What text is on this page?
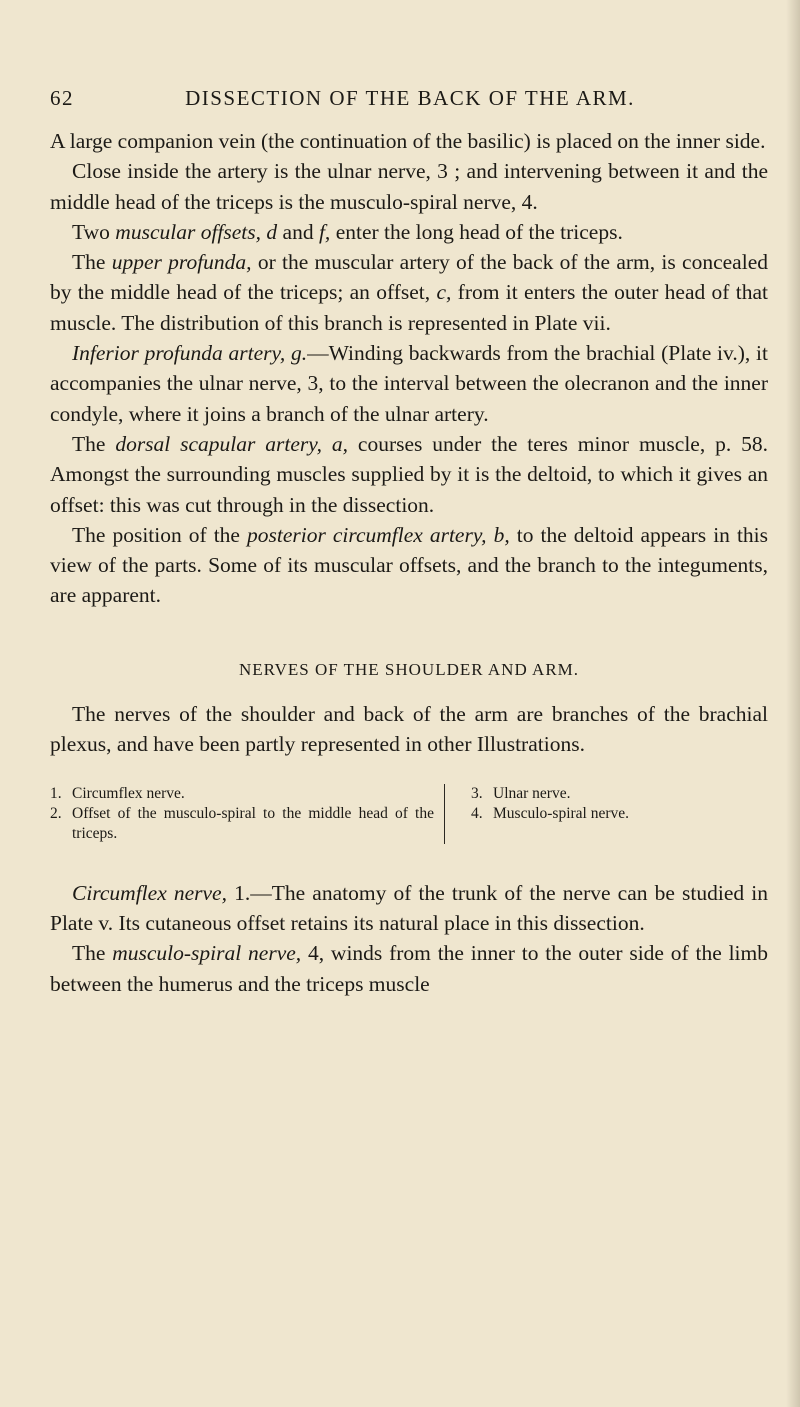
62	DISSECTION OF THE BACK OF THE ARM.

A large companion vein (the continuation of the basilic) is placed on the inner side.

Close inside the artery is the ulnar nerve, 3 ; and intervening between it and the middle head of the triceps is the musculo-spiral nerve, 4.

Two muscular offsets, d and f, enter the long head of the triceps.

The upper profunda, or the muscular artery of the back of the arm, is concealed by the middle head of the triceps; an offset, c, from it enters the outer head of that muscle. The distribution of this branch is represented in Plate vii.

Inferior profunda artery, g.—Winding backwards from the brachial (Plate iv.), it accompanies the ulnar nerve, 3, to the interval between the olecranon and the inner condyle, where it joins a branch of the ulnar artery.

The dorsal scapular artery, a, courses under the teres minor muscle, p. 58. Amongst the surrounding muscles supplied by it is the deltoid, to which it gives an offset: this was cut through in the dissection.

The position of the posterior circumflex artery, b, to the deltoid appears in this view of the parts. Some of its muscular offsets, and the branch to the integuments, are apparent.

NERVES OF THE SHOULDER AND ARM.

The nerves of the shoulder and back of the arm are branches of the brachial plexus, and have been partly represented in other Illustrations.

1. Circumflex nerve.
2. Offset of the musculo-spiral to the middle head of the triceps.
3. Ulnar nerve.
4. Musculo-spiral nerve.

Circumflex nerve, 1.—The anatomy of the trunk of the nerve can be studied in Plate v. Its cutaneous offset retains its natural place in this dissection.

The musculo-spiral nerve, 4, winds from the inner to the outer side of the limb between the humerus and the triceps muscle
